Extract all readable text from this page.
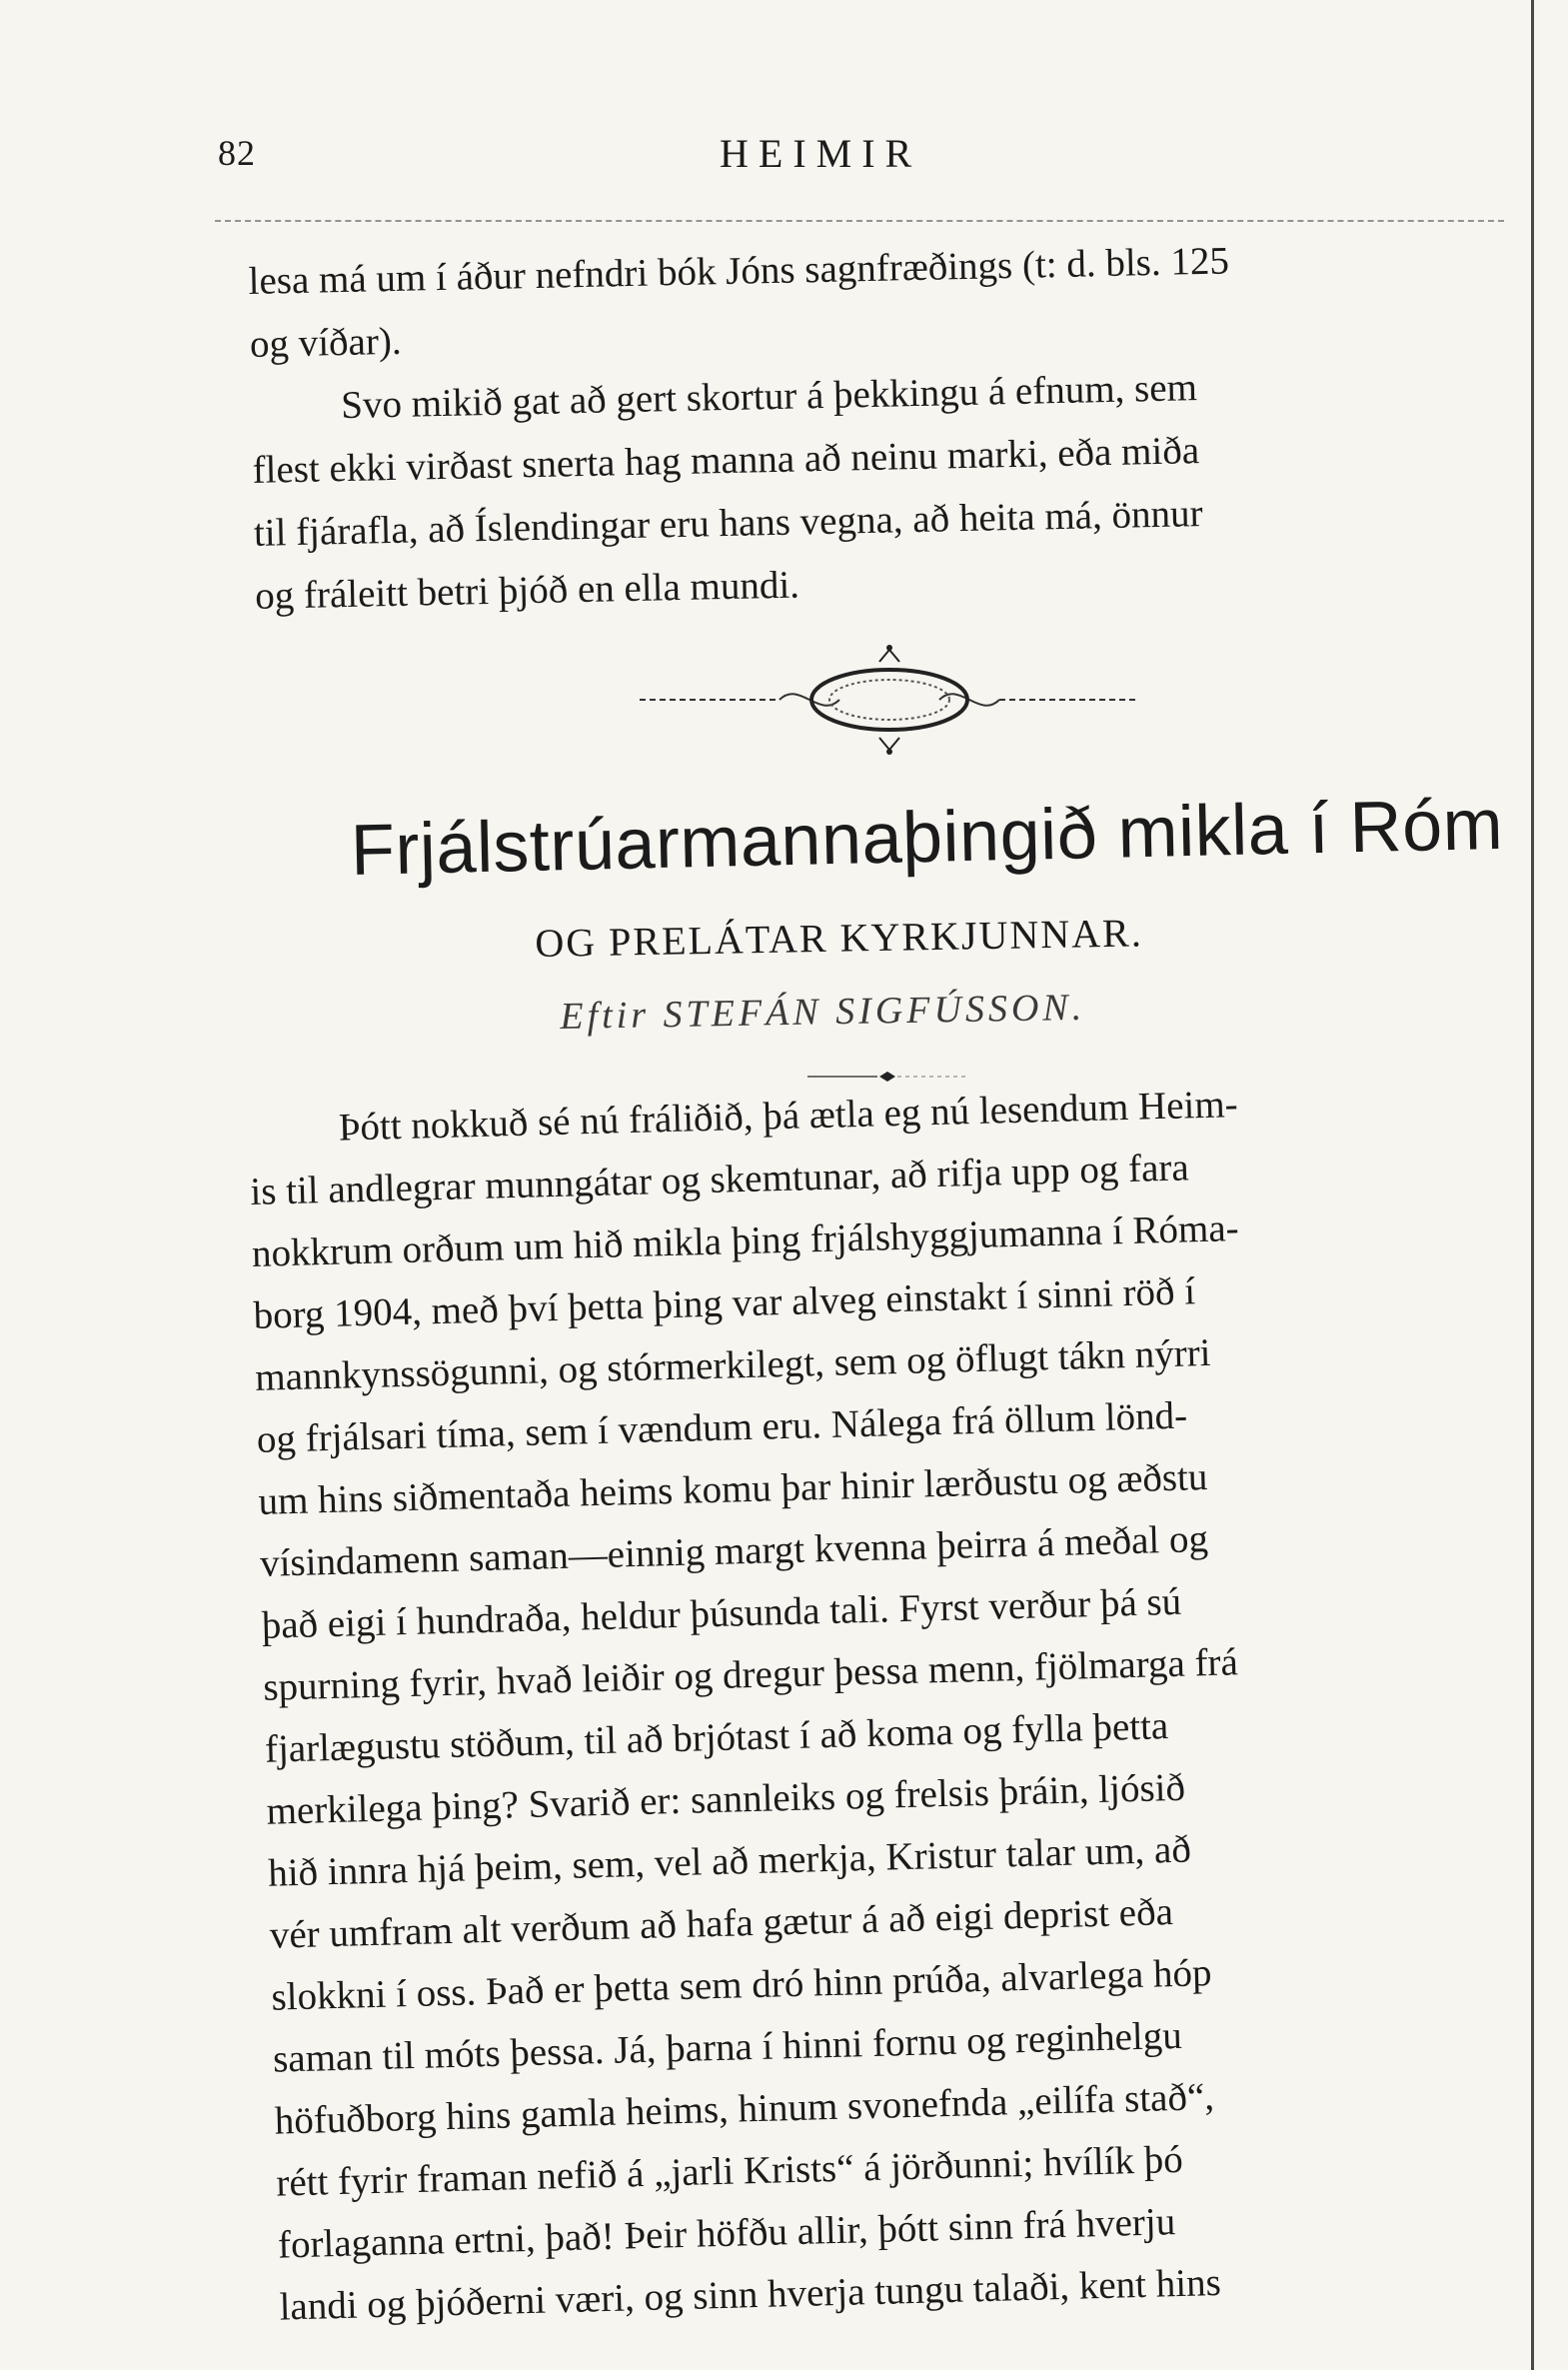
82	HEIMIR
lesa má um í áður nefndri bók Jóns sagnfræðings (t: d. bls. 125
og víðar).
Svo mikið gat að gert skortur á þekkingu á efnum, sem
flest ekki virðast snerta hag manna að neinu marki, eða miða
til fjárafla, að Íslendingar eru hans vegna, að heita má, önnur
og fráleitt betri þjóð en ella mundi.
Frjálstrúarmannaþingið mikla í Róm
OG PRELÁTAR KYRKJUNNAR.
Eftir STEFÁN SIGFÚSSON.
Þótt nokkuð sé nú fráliðið, þá ætla eg nú lesendum Heim-
is til andlegrar munngátar og skemtunar, að rifja upp og fara
nokkrum orðum um hið mikla þing frjálshyggjumanna í Róma-
borg 1904, með því þetta þing var alveg einstakt í sinni röð í
mannkynssögunni, og stórmerkilegt, sem og öflugt tákn nýrri
og frjálsari tíma, sem í vændum eru. Nálega frá öllum lönd-
um hins siðmentaða heims komu þar hinir lærðustu og æðstu
vísindamenn saman—einnig margt kvenna þeirra á meðal og
það eigi í hundraða, heldur þúsunda tali. Fyrst verður þá sú
spurning fyrir, hvað leiðir og dregur þessa menn, fjölmarga frá
fjarlægustu stöðum, til að brjótast í að koma og fylla þetta
merkilega þing? Svarið er: sannleiks og frelsis þráin, ljósið
hið innra hjá þeim, sem, vel að merkja, Kristur talar um, að
vér umfram alt verðum að hafa gætur á að eigi deprist eða
slokkni í oss. Það er þetta sem dró hinn prúða, alvarlega hóp
saman til móts þessa. Já, þarna í hinni fornu og reginhelgu
höfuðborg hins gamla heims, hinum svonefnda „eilífa stað“,
rétt fyrir framan nefið á „jarli Krists“ á jörðunni; hvílík þó
forlaganna ertni, það! Þeir höfðu allir, þótt sinn frá hverju
landi og þjóðerni væri, og sinn hverja tungu talaði, kent hins
